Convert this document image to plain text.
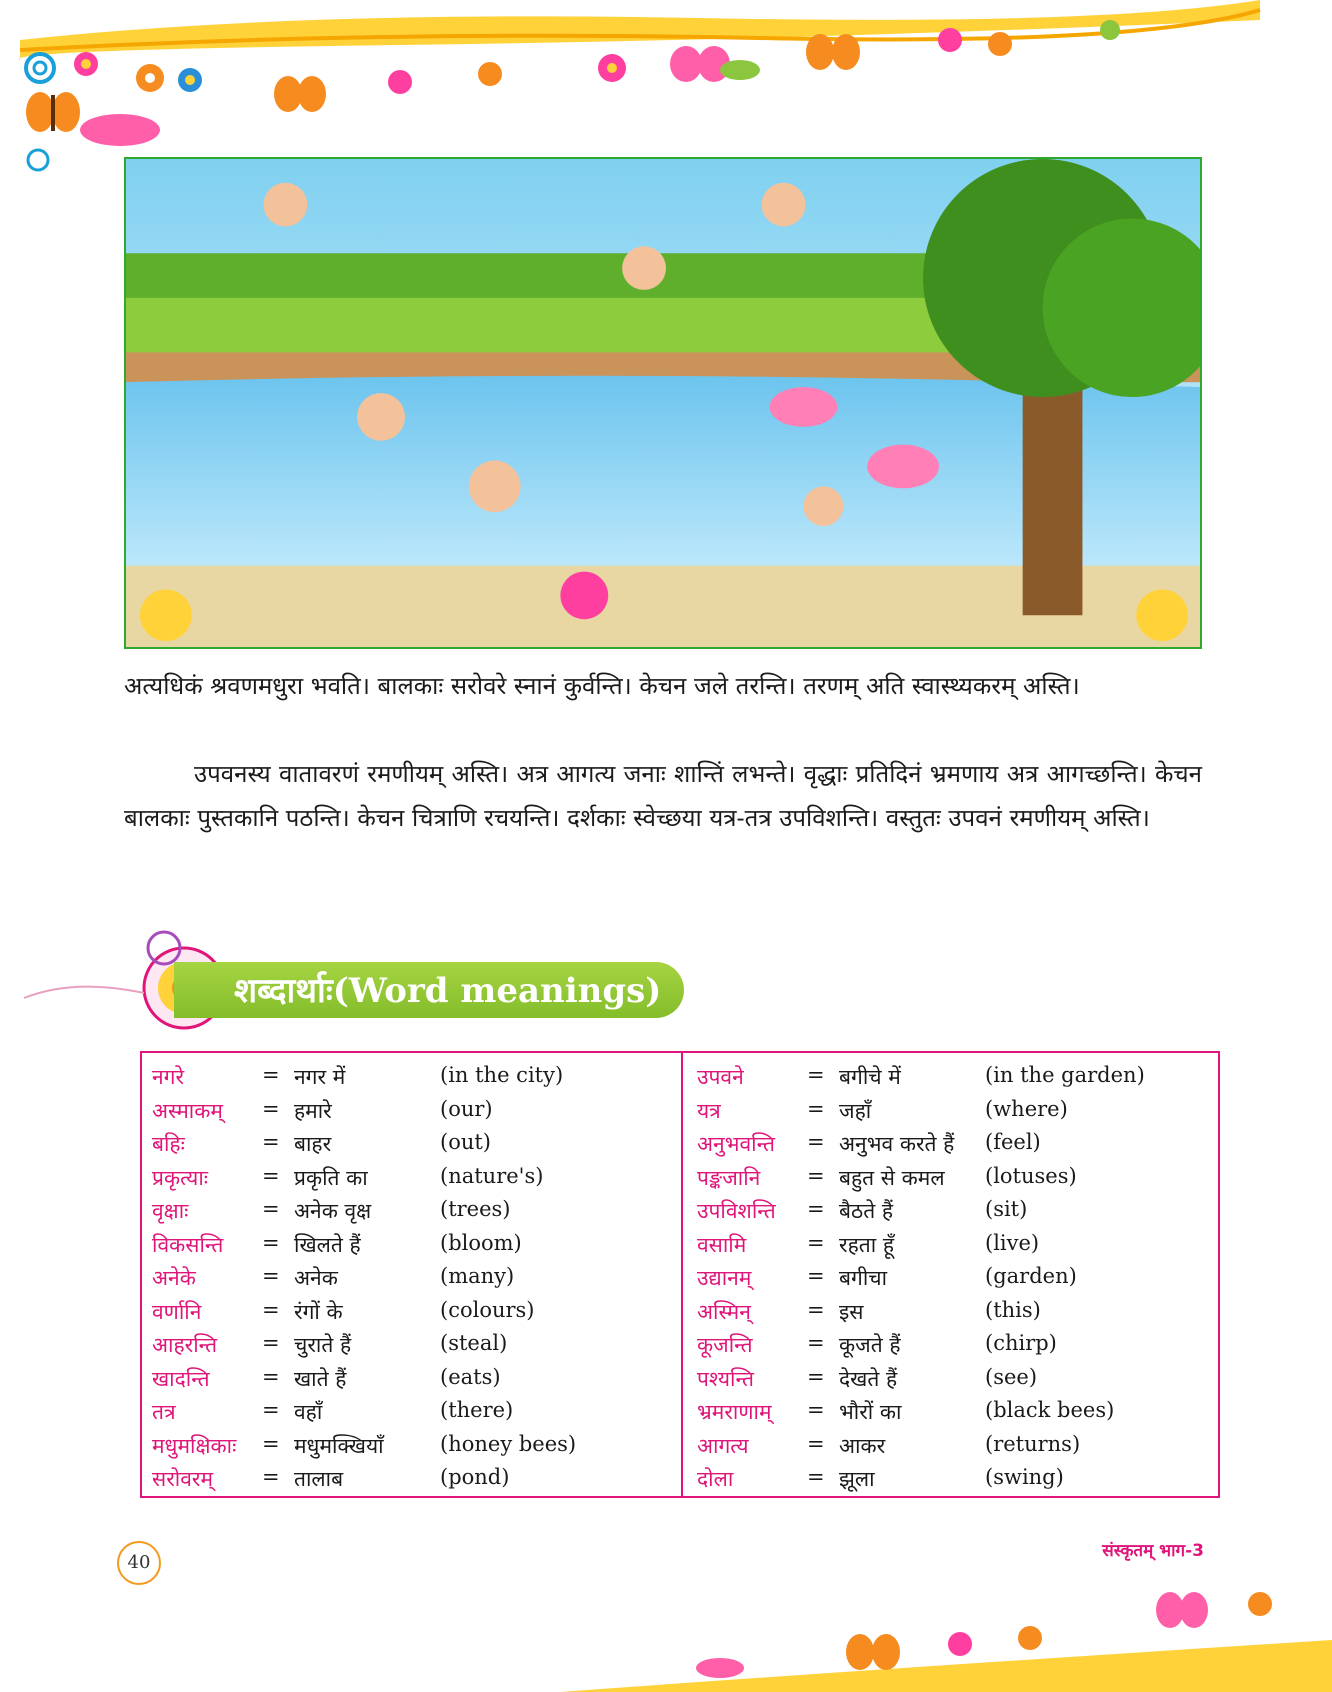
अत्यधिकं श्रवणमधुरा भवति। बालकाः सरोवरे स्नानं कुर्वन्ति। केचन जले तरन्ति। तरणम् अति स्वास्थ्यकरम् अस्ति।
उपवनस्य वातावरणं रमणीयम् अस्ति। अत्र आगत्य जनाः शान्तिं लभन्ते। वृद्धाः प्रतिदिनं भ्रमणाय अत्र आगच्छन्ति। केचन बालकाः पुस्तकानि पठन्ति। केचन चित्राणि रचयन्ति। दर्शकाः स्वेच्छया यत्र-तत्र उपविशन्ति। वस्तुतः उपवनं रमणीयम् अस्ति।
शब्दार्थाः(Word meanings)
नगरे	= नगर में	(in the city)
अस्माकम् = हमारे	(our)
बहिः	= बाहर	(out)
प्रकृत्याः	= प्रकृति का	(nature's)
वृक्षाः	= अनेक वृक्ष	(trees)
विकसन्ति = खिलते हैं	(bloom)
अनेके	= अनेक	(many)
वर्णानि	= रंगों के	(colours)
आहरन्ति = चुराते हैं	(steal)
खादन्ति = खाते हैं	(eats)
तत्र	= वहाँ	(there)
मधुमक्षिकाः = मधुमक्खियाँ	(honey bees)
सरोवरम् = तालाब	(pond)
उपवने	= बगीचे में	(in the garden)
यत्र	= जहाँ	(where)
अनुभवन्ति = अनुभव करते हैं (feel)
पङ्कजानि = बहुत से कमल (lotuses)
उपविशन्ति = बैठते हैं	(sit)
वसामि	= रहता हूँ	(live)
उद्यानम्	= बगीचा	(garden)
अस्मिन्	= इस	(this)
कूजन्ति	= कूजते हैं	(chirp)
पश्यन्ति	= देखते हैं	(see)
भ्रमराणाम् = भौरों का	(black bees)
आगत्य	= आकर	(returns)
दोला	= झूला	(swing)
40
संस्कृतम् भाग-3
